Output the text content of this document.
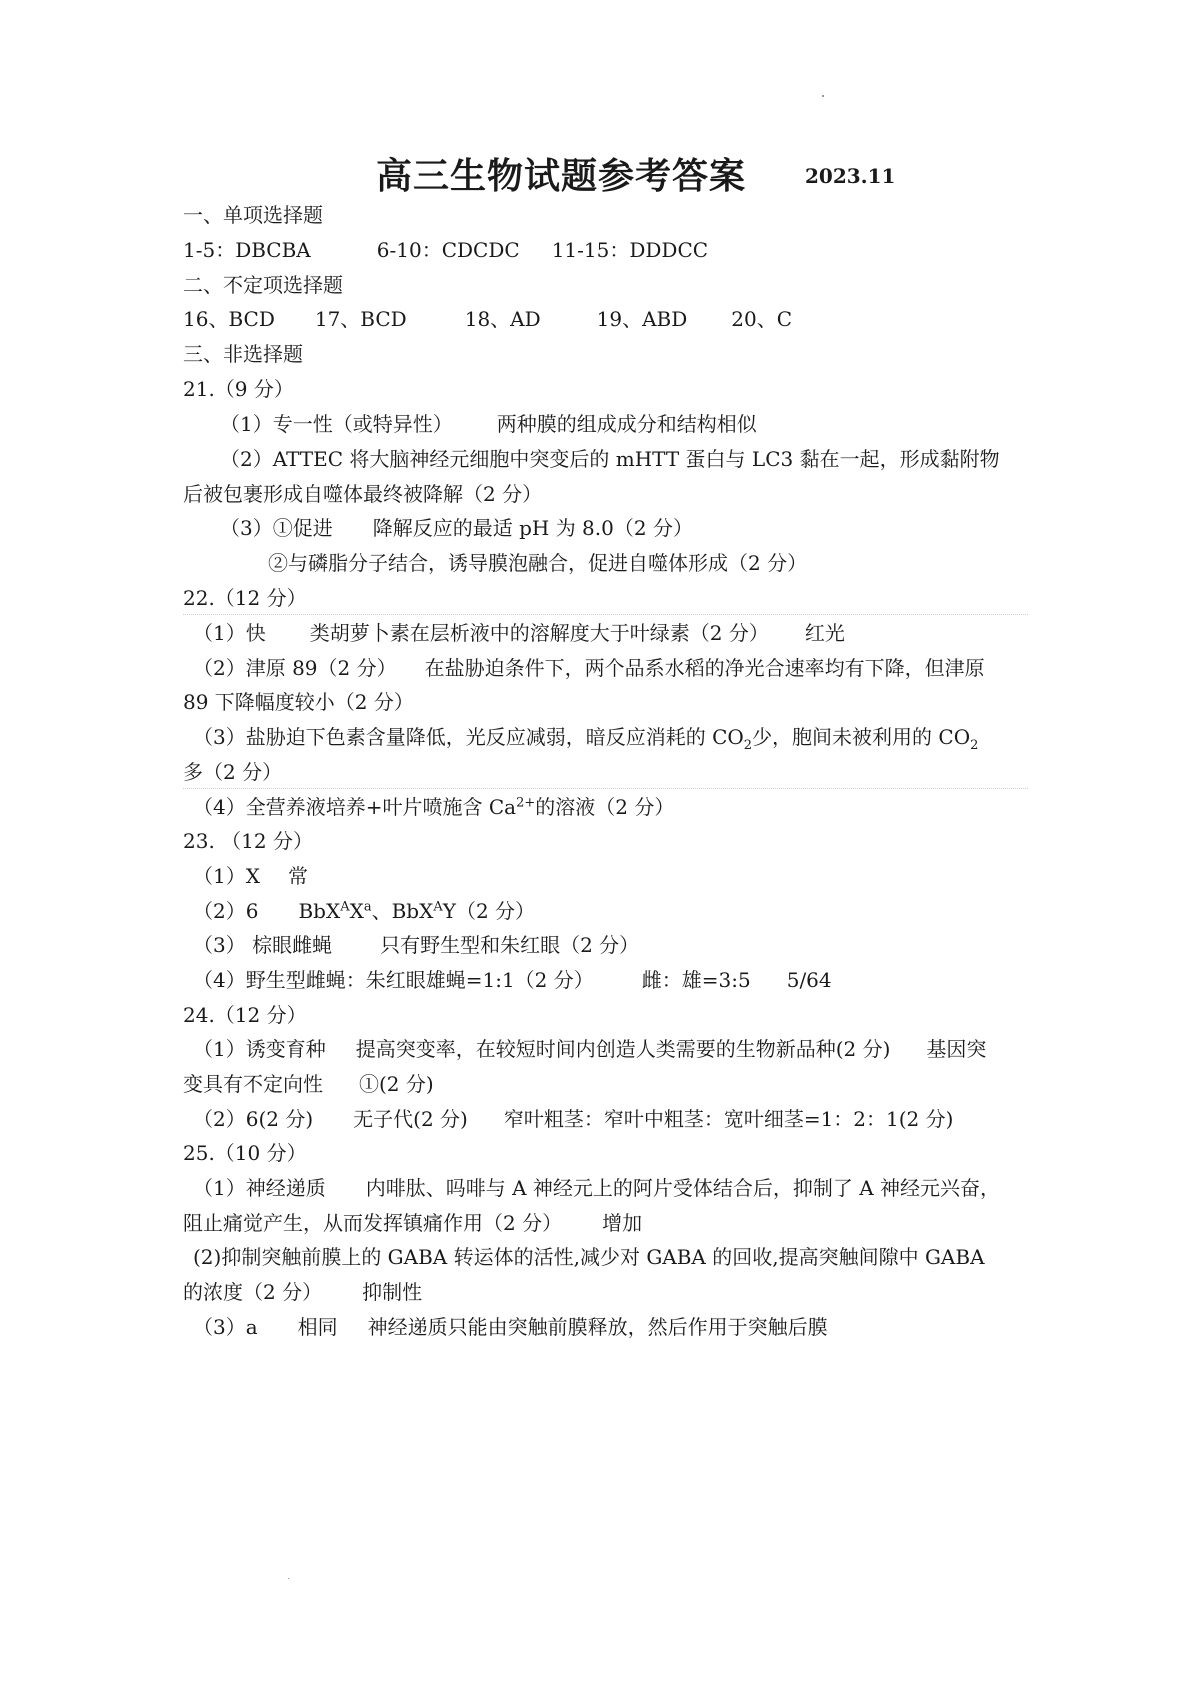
高三生物试题参考答案	2023.11
一、单项选择题
1-5：DBCBA	6-10：CDCDC 11-15：DDDCC
二、不定项选择题
16、BCD 17、BCD	18、AD	19、ABD 20、C
三、非选择题
21.（9 分）
（1）专一性（或特异性） 两种膜的组成成分和结构相似
（2）ATTEC 将大脑神经元细胞中突变后的 mHTT 蛋白与 LC3 黏在一起，形成黏附物
后被包裹形成自噬体最终被降解（2 分）
（3）①促进 降解反应的最适 pH 为 8.0（2 分）
②与磷脂分子结合，诱导膜泡融合，促进自噬体形成（2 分）
22.（12 分）
（1）快 类胡萝卜素在层析液中的溶解度大于叶绿素（2 分） 红光
（2）津原 89（2 分） 在盐胁迫条件下，两个品系水稻的净光合速率均有下降，但津原
89 下降幅度较小（2 分）
（3）盐胁迫下色素含量降低，光反应减弱，暗反应消耗的 $CO_2$少，胞间未被利用的 $CO_2$
多（2 分）
（4）全营养液培养+叶片喷施含 $Ca^{2+}$的溶液（2 分）
23. （12 分）
（1）X 常
（2）6 $BbX^AX^a$、BbX$^A$Y（2 分）
（3） 棕眼雌蝇 只有野生型和朱红眼（2 分）
（4）野生型雌蝇：朱红眼雄蝇=1:1（2 分） 雌：雄=3:5 5/64
24.（12 分）
（1）诱变育种 提高突变率，在较短时间内创造人类需要的生物新品种(2 分) 基因突
变具有不定向性 ①(2 分)
（2）6(2 分) 无子代(2 分) 窄叶粗茎：窄叶中粗茎：宽叶细茎=1：2：1(2 分)
25.（10 分）
（1）神经递质 内啡肽、吗啡与 A 神经元上的阿片受体结合后，抑制了 A 神经元兴奋，
阻止痛觉产生，从而发挥镇痛作用（2 分） 增加
(2)抑制突触前膜上的 GABA 转运体的活性,减少对 GABA 的回收,提高突触间隙中 GABA
的浓度（2 分） 抑制性
（3）a 相同 神经递质只能由突触前膜释放，然后作用于突触后膜
